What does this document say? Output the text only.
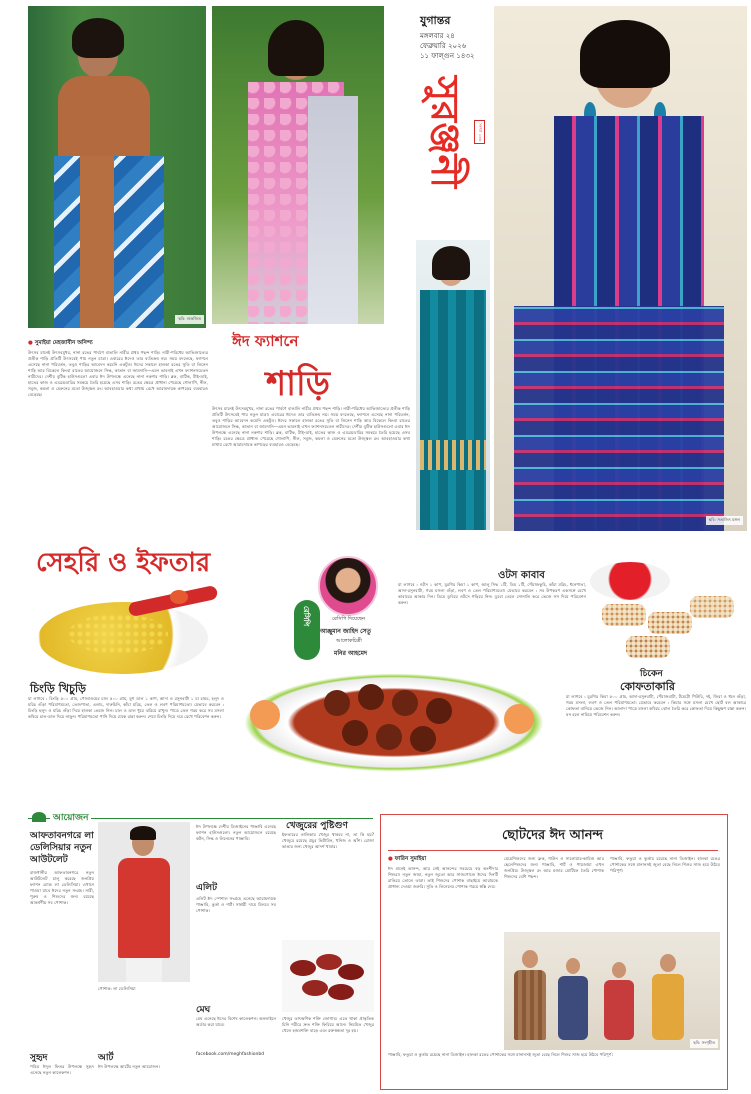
ছবি: শুভ্রজিত
যুগান্তর
মঙ্গলবার ২৪
ফেব্রুয়ারি ২০২৬
১১ ফাল্গুন ১৪৩২
সুরঞ্জনী	সংখ্যা ১৩৬
ছবি: সত্যজিৎ মঙ্গল
ঈদ ফ্যাশনে
শাড়ি
● সুমাইয়া মেহজাবীন অনিন্দ্য
উৎসব মানেই উৎসবমুখর, নানা রঙের পার্বণে বাঙালি নারীর প্রথম পছন্দ শাড়ি। নারী-পরিধেয় আভিজাত্যের প্রতীক শাড়ি প্রতিটি উৎসবেই পায় নতুন মাত্রা। এবারের ঈদেও তার ব্যতিক্রম নয়। সময় বদলেছে, ফ্যাশনে এসেছে নানা পরিবর্তন, তবুও শাড়ির আবেদন কমেনি একটুও। ঈদের সকালে হালকা রঙের সুতি বা লিনেন শাড়ি আর বিকেলে কিংবা রাতের আয়োজনে সিল্ক, কাতান বা জামদানি—এমন ভাবনাই এখন ফ্যাশনসচেতন নারীদের। দেশীয় বুটিক হাউসগুলো এবার ঈদ উপলক্ষে এনেছে নানা নকশার শাড়ি। ব্লক, বাটিক, টাই-ডাই, হাতের কাজ ও এমব্রয়ডারির সমন্বয়ে তৈরি হয়েছে এসব শাড়ি। রঙের ক্ষেত্রে প্রাধান্য পেয়েছে গোলাপি, নীল, সবুজ, কমলা ও মেরুনের মতো উজ্জ্বল রং। আবহাওয়ার কথা মাথায় রেখে আরামদায়ক কাপড়ের ব্যবহারও বেড়েছে।
উৎসব মানেই উৎসবমুখর, নানা রঙের পার্বণে বাঙালি নারীর প্রথম পছন্দ শাড়ি। নারী-পরিধেয় আভিজাত্যের প্রতীক শাড়ি প্রতিটি উৎসবেই পায় নতুন মাত্রা। এবারের ঈদেও তার ব্যতিক্রম নয়। সময় বদলেছে, ফ্যাশনে এসেছে নানা পরিবর্তন, তবুও শাড়ির আবেদন কমেনি একটুও। ঈদের সকালে হালকা রঙের সুতি বা লিনেন শাড়ি আর বিকেলে কিংবা রাতের আয়োজনে সিল্ক, কাতান বা জামদানি—এমন ভাবনাই এখন ফ্যাশনসচেতন নারীদের। দেশীয় বুটিক হাউসগুলো এবার ঈদ উপলক্ষে এনেছে নানা নকশার শাড়ি। ব্লক, বাটিক, টাই-ডাই, হাতের কাজ ও এমব্রয়ডারির সমন্বয়ে তৈরি হয়েছে এসব শাড়ি। রঙের ক্ষেত্রে প্রাধান্য পেয়েছে গোলাপি, নীল, সবুজ, কমলা ও মেরুনের মতো উজ্জ্বল রং। আবহাওয়ার কথা মাথায় রেখে আরামদায়ক কাপড়ের ব্যবহারও বেড়েছে।
সেহরি ও ইফতার
রেসিপি	রেসিপি দিয়েছেন
আঞ্জুমান জাহিদ সেতু
আলোকচিত্রী
মনির আহমেদ
ওটস কাবাব
যা লাগবে : ওটস ১ কাপ, মুরগির কিমা ১ কাপ, আলু সিদ্ধ ১টি, ডিম ১টি, পেঁয়াজকুচি, কাঁচা মরিচ, ধনেপাতা, আদা-রসুনবাটা, গরম মসলা গুঁড়া, লবণ ও তেল পরিমাণমতো। যেভাবে করবেন : সব উপকরণ একসঙ্গে মেখে কাবাবের আকার দিন। ডিমে ডুবিয়ে ওটসে গড়িয়ে নিন। ডুবো তেলে সোনালি করে ভেজে সস দিয়ে পরিবেশন করুন।
চিকেন
কোফতাকারি
যা লাগবে : মুরগির কিমা ৫০০ গ্রাম, আদা-রসুনবাটা, পেঁয়াজবাটা, টমেটো পিউরি, দই, জিরা ও ধনে গুঁড়া, গরম মসলা, লবণ ও তেল পরিমাণমতো। যেভাবে করবেন : কিমার সঙ্গে মসলা মেখে ছোট বল আকারে কোফতা বানিয়ে ভেজে নিন। আলাদা পাত্রে মসলা কষিয়ে ঝোল তৈরি করে কোফতা দিয়ে কিছুক্ষণ রান্না করুন। ঘন হলে নামিয়ে পরিবেশন করুন।
চিংড়ি খিচুড়ি
যা লাগবে : চিংড়ি ৫০০ গ্রাম, পোলাওয়ের চাল ৫০০ গ্রাম, মুগ ডাল ১ কাপ, আদা ও রসুনবাটা ১ চা চামচ, হলুদ ও মরিচ গুঁড়া পরিমাণমতো, তেজপাতা, এলাচ, দারুচিনি, কাঁচা মরিচ, তেল ও লবণ পরিমাণমতো। যেভাবে করবেন : চিংড়ি হলুদ ও মরিচ গুঁড়া দিয়ে হালকা ভেজে নিন। চাল ও ডাল ধুয়ে ঝরিয়ে রাখুন। পাত্রে তেল গরম করে সব মসলা কষিয়ে চাল-ডাল দিয়ে নাড়ুন। পরিমাণমতো পানি দিয়ে ঢেকে রান্না করুন। শেষে চিংড়ি দিয়ে দমে রেখে পরিবেশন করুন।
আয়োজন
আফতাবনগরে লা ডেলিসিয়ার নতুন আউটলেট
রাজধানীর আফতাবনগরে নতুন আউটলেট চালু করেছে জনপ্রিয় ফ্যাশন ব্র্যান্ড লা ডেলিসিয়া। এখানে পাওয়া যাবে ঈদের নতুন সংগ্রহ। নারী, পুরুষ ও শিশুদের জন্য রয়েছে আকর্ষণীয় সব পোশাক।
সুহৃদ
পবিত্র ঈদুল ফিতর উপলক্ষে সুহৃদ এনেছে নতুন কালেকশন।
পোশাক: লা ডেলিসিয়া
আর্ট
ঈদ উপলক্ষে আর্টের নতুন আয়োজন।
ঈদ উপলক্ষে দেশীয় ডিজাইনের পাঞ্জাবি এনেছে ফ্যাশন হাউসগুলো। নতুন আয়োজনে রয়েছে কটন, সিল্ক ও লিনেনের পাঞ্জাবি।
এলিট
এলিট ঈদ স্পেশাল সংগ্রহে এনেছে আরামদায়ক পাঞ্জাবি, কুর্তা ও শার্ট। সাশ্রয়ী দামে মিলবে সব পোশাক।
মেঘ
মেঘ এনেছে ঈদের বিশেষ কালেকশন। অনলাইনে অর্ডার করা যাবে।
facebook.com/meghfashionbd
খেজুরের পুষ্টিগুণ
ইফতারের তালিকায় খেজুর থাকবে না, তা কি হয়? খেজুরে রয়েছে প্রচুর ভিটামিন, খনিজ ও আঁশ। রোজা ভাঙার জন্য খেজুর আদর্শ খাবার।
খেজুর তাৎক্ষণিক শক্তি জোগায়। এতে থাকা প্রাকৃতিক চিনি শরীরে দ্রুত শক্তি ফিরিয়ে আনে। নিয়মিত খেজুর খেলে হজমশক্তি বাড়ে এবং রক্তস্বল্পতা দূর হয়।
ছোটদের ঈদ আনন্দ
● ফারিন সুমাইয়া
ঈদ মানেই আনন্দ, আর সেই আনন্দের সবচেয়ে বড় অংশীদার শিশুরা। নতুন জামা, নতুন জুতো আর সাজগোজে ঈদের দিনটি রাঙিয়ে তোলে তারা। তাই শিশুদের পোশাক বাছাইয়ে আরামকে প্রাধান্য দেওয়া জরুরি। সুতি ও লিনেনের পোশাক গরমে স্বস্তি দেয়।
মেয়েশিশুদের জন্য ফ্রক, গাউন ও সালোয়ার-কামিজ আর ছেলেশিশুদের জন্য পাঞ্জাবি, শার্ট ও পায়জামা এখন জনপ্রিয়। উজ্জ্বল রং আর মজার মোটিফে তৈরি পোশাক শিশুদের বেশি পছন্দ।
পাঞ্জাবি, ফতুয়া ও কুর্তায় রয়েছে নানা ডিজাইন। হালকা রঙের পোশাকের সঙ্গে মানানসই জুতা বেছে নিলে শিশুর সাজ হয়ে উঠবে পরিপূর্ণ।
ছবি: সংগৃহীত
পাঞ্জাবি, ফতুয়া ও কুর্তায় রয়েছে নানা ডিজাইন। হালকা রঙের পোশাকের সঙ্গে মানানসই জুতা বেছে নিলে শিশুর সাজ হয়ে উঠবে পরিপূর্ণ।
